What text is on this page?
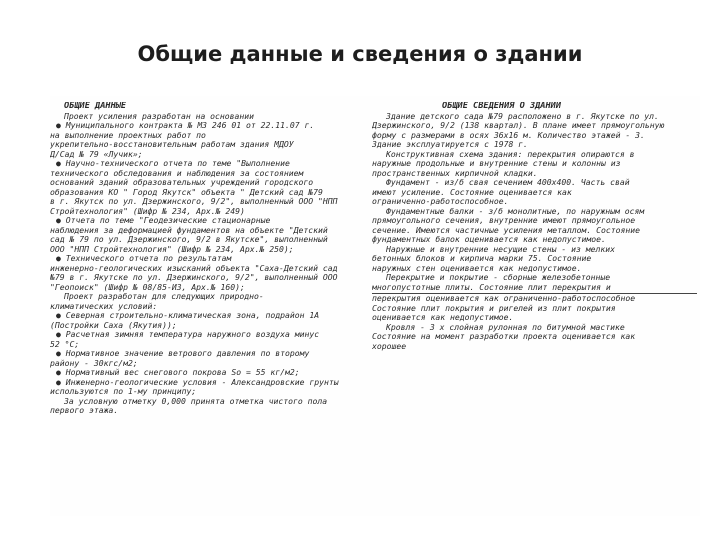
Общие данные и сведения о здании
ОБЩИЕ ДАННЫЕ
Проект усиления разработан на основании
● Муниципального контракта № МЗ 246 01 от 22.11.07 г.
на выполнение проектных работ по
укрепительно-восстановительным работам здания МДОУ
Д/Сад № 79 «Лучик»;
● Научно-технического отчета по теме "Выполнение
технического обследования и наблюдения за состоянием
оснований зданий образовательных учреждений городского
образования КО " Город Якутск" объекта " Детский сад №79
в г. Якутск по ул. Дзержинского, 9/2", выполненный ООО "НПП
Стройтехнология" (Шифр № 234, Арх.№ 249)
● Отчета по теме "Геодезические стационарные
наблюдения за деформацией фундаментов на объекте "Детский
сад № 79 по ул. Дзержинского, 9/2 в Якутске", выполненный
ООО "НПП Стройтехнология" (Шифр № 234, Арх.№ 250);
● Технического отчета по результатам
инженерно-геологических изысканий объекта "Саха-Детский сад
№79 в г. Якутске по ул. Дзержинского, 9/2", выполненный ООО
"Геопоиск" (Шифр № 08/85-ИЗ, Арх.№ 160);
Проект разработан для следующих природно-
климатических условий:
● Северная строительно-климатическая зона, подрайон 1А
(Постройки Саха (Якутия));
● Расчетная зимняя температура наружного воздуха минус
52 °С;
● Нормативное значение ветрового давления по второму
району - 30кгс/м2;
● Нормативный вес снегового покрова So = 55 кг/м2;
● Инженерно-геологические условия - Александровские грунты
используются по 1-му принципу;
За условную отметку 0,000 принята отметка чистого пола
первого этажа.
ОБЩИЕ СВЕДЕНИЯ О ЗДАНИИ
Здание детского сада №79 расположено в г. Якутске по ул.
Дзержинского, 9/2 (138 квартал). В плане имеет прямоугольную
форму с размерами в осях 36х16 м. Количество этажей - 3.
Здание эксплуатируется с 1978 г.
Конструктивная схема здания: перекрытия опираются в
наружные продольные и внутренние стены и колонны из
пространственных кирпичной кладки.
Фундамент - из/б свая сечением 400х400. Часть свай
имеют усиление. Состояние оценивается как
ограниченно-работоспособное.
Фундаментные балки - з/б монолитные, по наружным осям
прямоугольного сечения, внутренние имеют прямоугольное
сечение. Имеются частичные усиления металлом. Состояние
фундаментных балок оценивается как недопустимое.
Наружные и внутренние несущие стены - из мелких
бетонных блоков и кирпича марки 75. Состояние
наружных стен оценивается как недопустимое.
Перекрытие и покрытие - сборные железобетонные
многопустотные плиты. Состояние плит перекрытия и
перекрытия оценивается как ограниченно-работоспособное
Состояние плит покрытия и ригелей из плит покрытия
оценивается как недопустимое.
Кровля - 3 х слойная рулонная по битумной мастике
Состояние на момент разработки проекта оценивается как
хорошее
